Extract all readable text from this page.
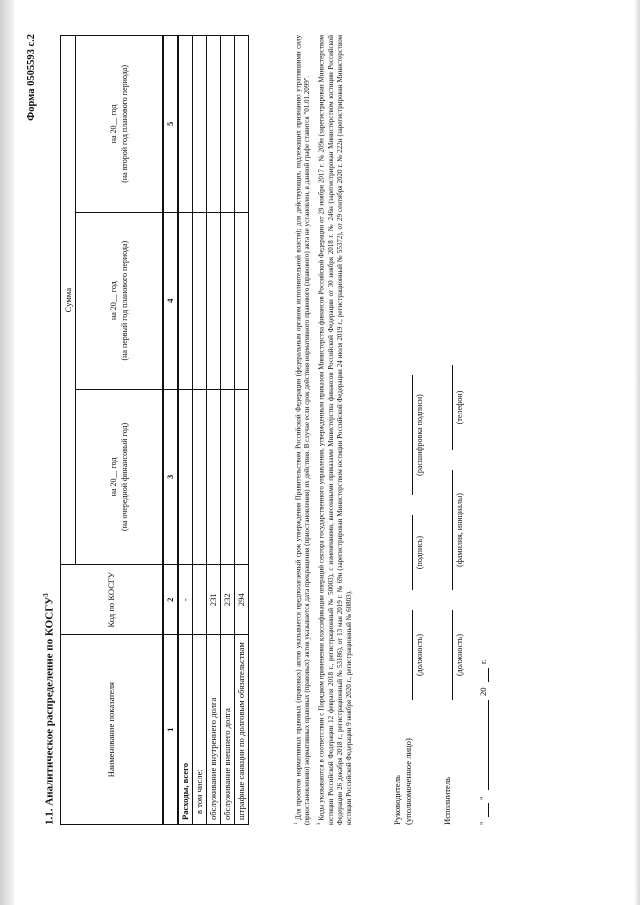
Форма 0505593 с.2
1.1. Аналитическое распределение по КОСГУ$^3$
Наименование показателя	Код по КОСГУ	Сумма		

		на 20__ год (на очередной финансовый год)	на 20__ год (на первый год планового периода)	на 20__ год (на второй год планового периода)

1	2	3	4	5
Расходы, всего	-			
в том числе:				
обслуживание внутреннего долга	231			
обслуживание внешнего долга	232			
штрафные санкции по долговым обязательствам	294			

$^1$ Для проектов нормативных правовых (правовых) актов указывается предполагаемый срок утверждения Правительством Российской Федерации (федеральным органом исполнительной власти); для действующих, подлежащих признанию утратившими силу (приостановлению) нормативных правовых (правовых) актов указывается дата прекращения (приостановления) их действия. В случае если срок действия нормативного правового (правового) акта не установлен, в данной графе ставится "01.01.2099".	$^3$ Коды указываются в соответствии с Порядком применения классификации операций сектора государственного управления, утвержденным приказом Министерства финансов Российской Федерации от 29 ноября 2017 г. № 209н (зарегистрирован Министерством юстиции Российской Федерации 12 февраля 2018 г., регистрационный № 50003), с изменениями, внесенными приказами Министерства финансов Российской Федерации от 30 ноября 2018 г. № 246н (зарегистрирован Министерством юстиции Российской Федерации 26 декабря 2018 г., регистрационный № 53186), от 13 мая 2019 г. № 69н (зарегистрирован Министерством юстиции Российской Федерации 24 июля 2019 г., регистрационный № 55372), от 29 сентября 2020 г. № 222н (зарегистрирован Министерством юстиции Российской Федерации 9 ноября 2020 г., регистрационный № 60803).	Руководитель (уполномоченное лицо)
(должность)
(подпись)
(расшифровка подписи)
Исполнитель
(должность)
(фамилия, инициалы)
(телефон)
"
"
20
г.
